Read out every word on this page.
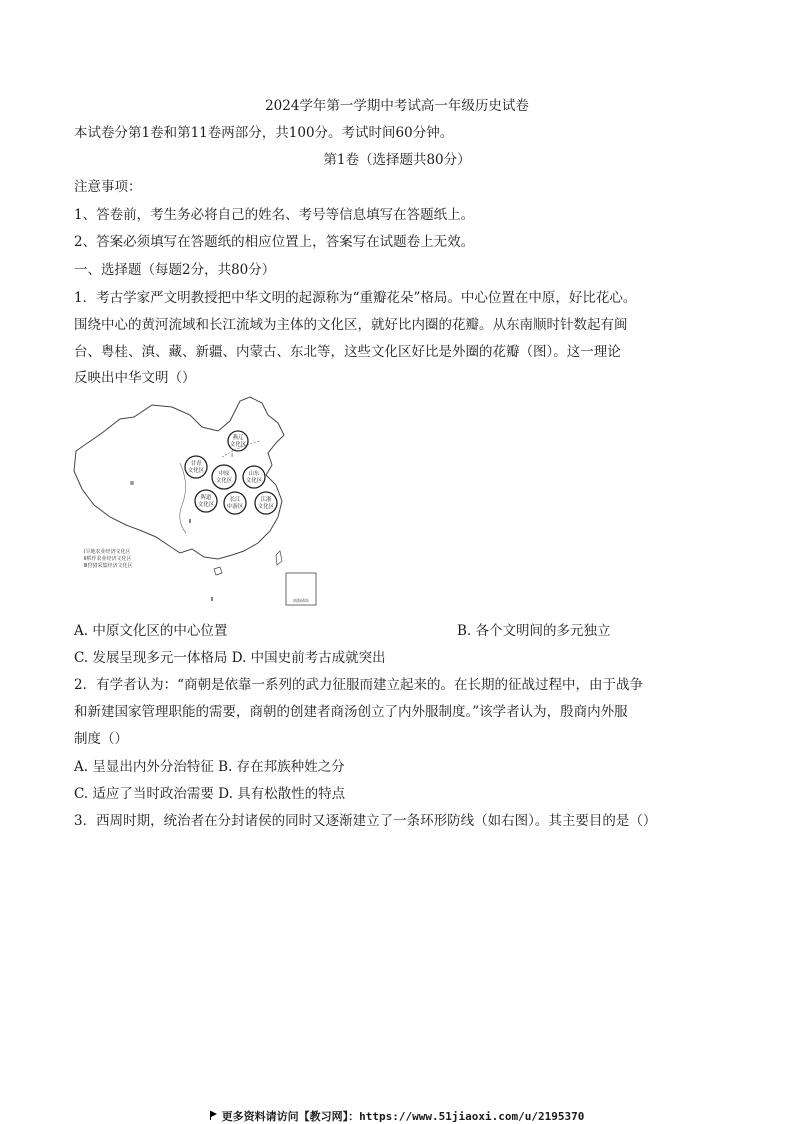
2024学年第一学期中考试高一年级历史试卷
本试卷分第1卷和第11卷两部分，共100分。考试时间60分钟。
第1卷（选择题共80分）
注意事项：
1、答卷前，考生务必将自己的姓名、考号等信息填写在答题纸上。
2、答案必须填写在答题纸的相应位置上，答案写在试题卷上无效。
一、选择题（每题2分，共80分）
1．考古学家严文明教授把中华文明的起源称为“重瓣花朵”格局。中心位置在中原，好比花心。
围绕中心的黄河流域和长江流域为主体的文化区，就好比内圈的花瓣。从东南顺时针数起有闽
台、粤桂、滇、藏、新疆、内蒙古、东北等，这些文化区好比是外圈的花瓣（图）。这一理论
反映出中华文明（）
燕辽
文化区
甘青
文化区	中原
文化区
山东
文化区
晖道
文化区
长江
中游区
江浙
文化区
Ⅲ
Ⅰ
Ⅱ
Ⅱ
Ⅰ旱地农业经济文化区
Ⅱ稻作农业经济文化区
Ⅲ狩猎采集经济文化区
南海诸岛
A. 中原文化区的中心位置	B. 各个文明间的多元独立
C. 发展呈现多元一体格局 D. 中国史前考古成就突出
2．有学者认为：“商朝是依靠一系列的武力征服而建立起来的。在长期的征战过程中，由于战争
和新建国家管理职能的需要，商朝的创建者商汤创立了内外服制度。”该学者认为，殷商内外服
制度（）
A. 呈显出内外分治特征 B. 存在邦族种姓之分
C. 适应了当时政治需要 D. 具有松散性的特点
3．西周时期，统治者在分封诸侯的同时又逐渐建立了一条环形防线（如右图）。其主要目的是（）
更多资料请访问【教习网】：https://www.51jiaoxi.com/u/2195370
